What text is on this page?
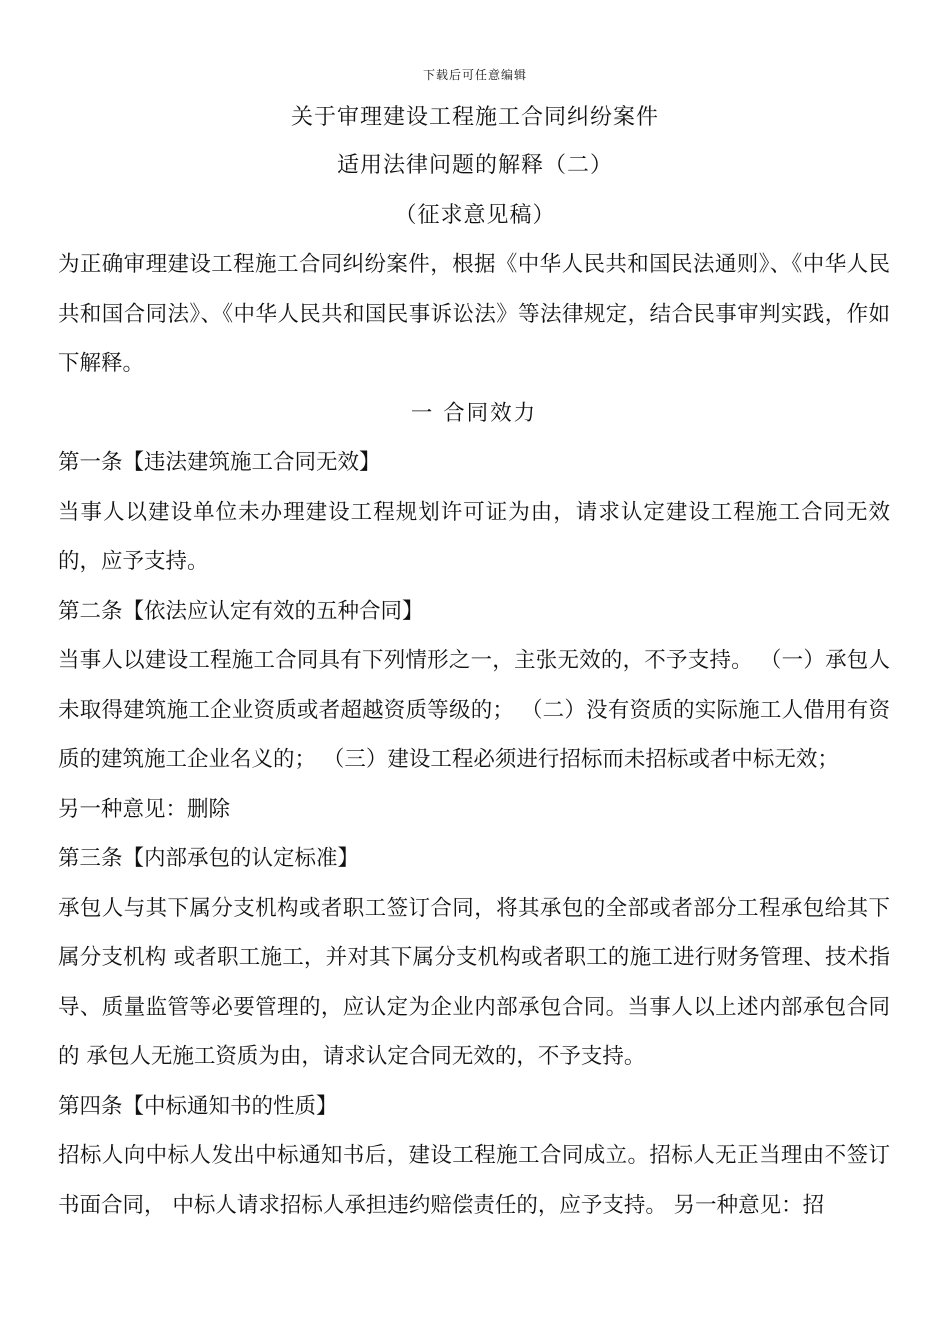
下载后可任意编辑
关于审理建设工程施工合同纠纷案件
适用法律问题的解释（二）
（征求意见稿）

为正确审理建设工程施工合同纠纷案件，根据《中华人民共和国民法通则》、《中华人民共和国合同法》、《中华人民共和国民事诉讼法》等法律规定，结合民事审判实践，作如下解释。

一 合同效力

第一条【违法建筑施工合同无效】

当事人以建设单位未办理建设工程规划许可证为由，请求认定建设工程施工合同无效的，应予支持。

第二条【依法应认定有效的五种合同】

当事人以建设工程施工合同具有下列情形之一，主张无效的，不予支持。 （一）承包人未取得建筑施工企业资质或者超越资质等级的； （二）没有资质的实际施工人借用有资质的建筑施工企业名义的； （三）建设工程必须进行招标而未招标或者中标无效；

另一种意见：删除

第三条【内部承包的认定标准】

承包人与其下属分支机构或者职工签订合同，将其承包的全部或者部分工程承包给其下属分支机构 或者职工施工，并对其下属分支机构或者职工的施工进行财务管理、技术指导、质量监管等必要管理的，应认定为企业内部承包合同。当事人以上述内部承包合同的 承包人无施工资质为由，请求认定合同无效的，不予支持。

第四条【中标通知书的性质】

招标人向中标人发出中标通知书后，建设工程施工合同成立。招标人无正当理由不签订书面合同， 中标人请求招标人承担违约赔偿责任的，应予支持。 另一种意见：招
